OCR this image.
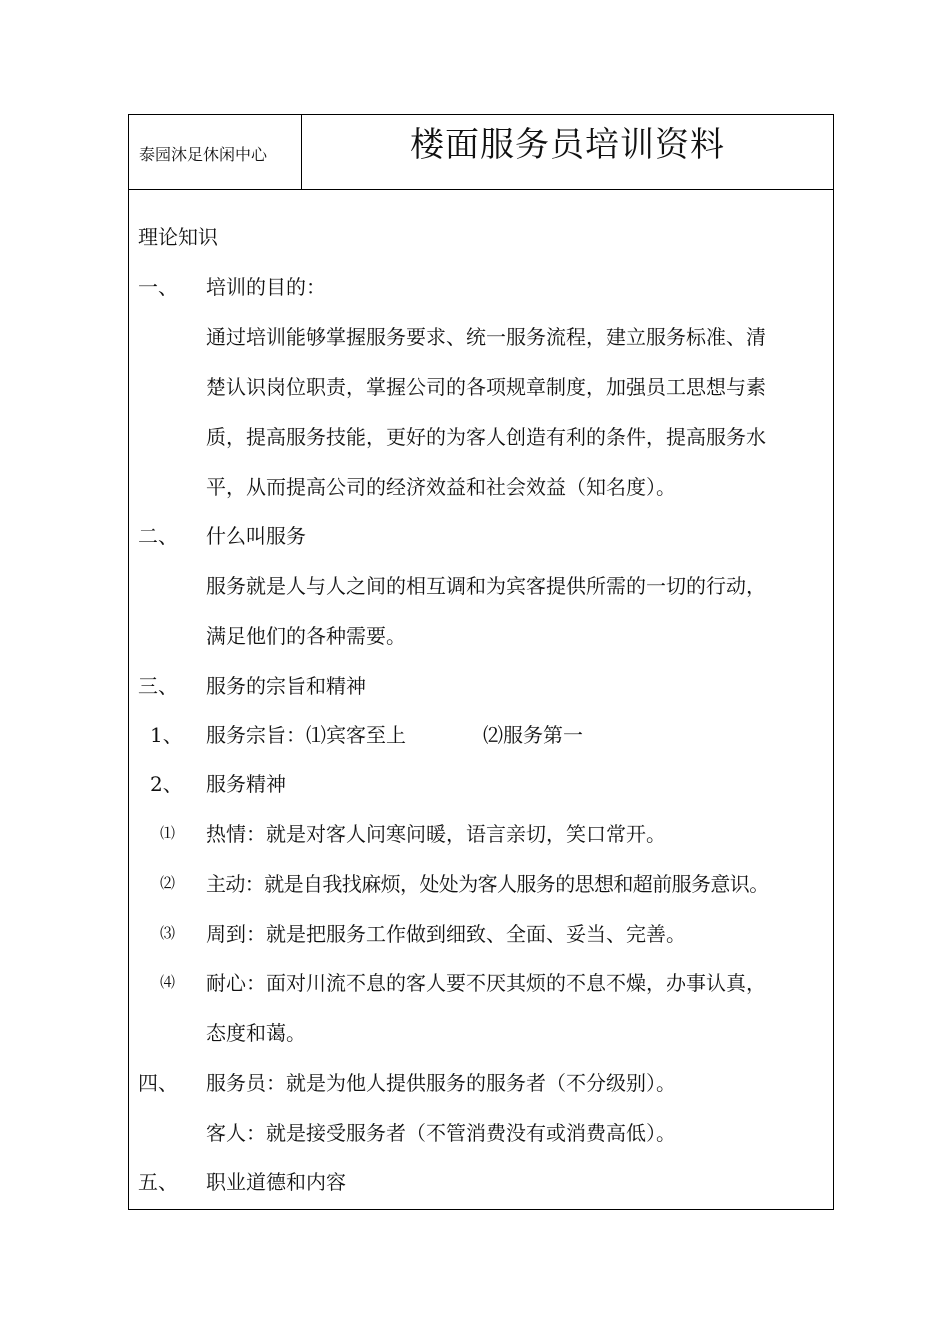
泰园沐足休闲中心	楼面服务员培训资料
理论知识
一、 培训的目的：
通过培训能够掌握服务要求、统一服务流程，建立服务标准、清
楚认识岗位职责，掌握公司的各项规章制度，加强员工思想与素
质，提高服务技能，更好的为客人创造有利的条件，提高服务水
平，从而提高公司的经济效益和社会效益（知名度）。
二、 什么叫服务
服务就是人与人之间的相互调和为宾客提供所需的一切的行动，
满足他们的各种需要。
三、 服务的宗旨和精神
1、 服务宗旨：⑴宾客至上	⑵服务第一
2、 服务精神
⑴ 热情：就是对客人问寒问暖，语言亲切，笑口常开。
⑵ 主动：就是自我找麻烦，处处为客人服务的思想和超前服务意识。
⑶ 周到：就是把服务工作做到细致、全面、妥当、完善。
⑷ 耐心：面对川流不息的客人要不厌其烦的不息不燥，办事认真，
态度和蔼。
四、 服务员：就是为他人提供服务的服务者（不分级别）。
客人：就是接受服务者（不管消费没有或消费高低）。
五、 职业道德和内容
